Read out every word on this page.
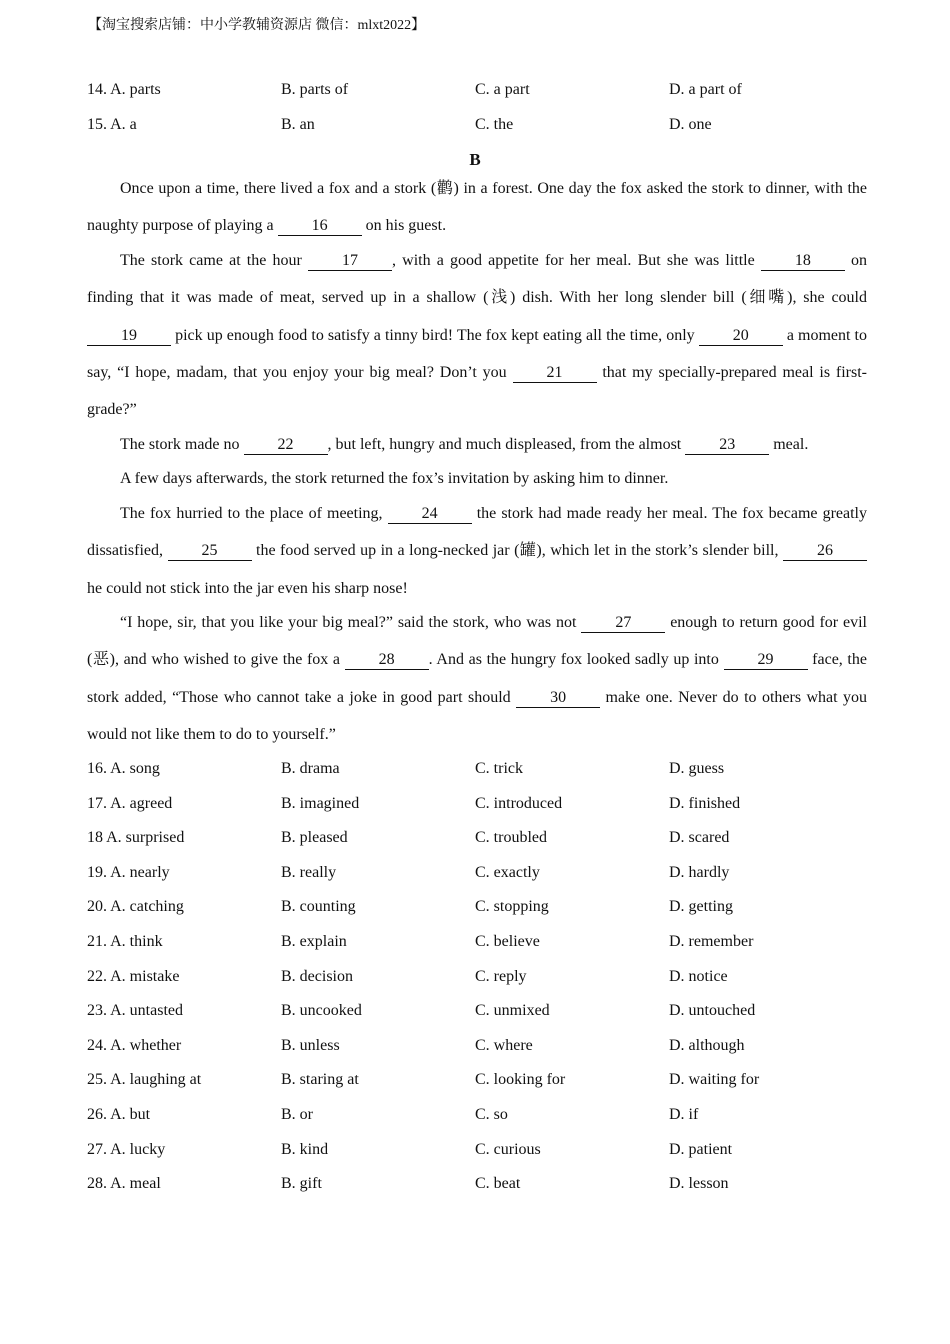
【淘宝搜索店铺：中小学教辅资源店 微信：mlxt2022】
14. A. parts	B. parts of	C. a part	D. a part of
15. A. a	B. an	C. the	D. one
B
Once upon a time, there lived a fox and a stork (鹳) in a forest. One day the fox asked the stork to dinner, with the naughty purpose of playing a 16 on his guest.
The stork came at the hour 17 , with a good appetite for her meal. But she was little 18 on finding that it was made of meat, served up in a shallow (浅) dish. With her long slender bill (细嘴), she could 19 pick up enough food to satisfy a tinny bird! The fox kept eating all the time, only 20 a moment to say, “I hope, madam, that you enjoy your big meal? Don’t you 21 that my specially-prepared meal is first-grade?”
The stork made no 22 , but left, hungry and much displeased, from the almost 23 meal.
A few days afterwards, the stork returned the fox’s invitation by asking him to dinner.
The fox hurried to the place of meeting, 24 the stork had made ready her meal. The fox became greatly dissatisfied, 25 the food served up in a long-necked jar (罐), which let in the stork’s slender bill, 26 he could not stick into the jar even his sharp nose!
“I hope, sir, that you like your big meal?” said the stork, who was not 27 enough to return good for evil (恶), and who wished to give the fox a 28 . And as the hungry fox looked sadly up into 29 face, the stork added, “Those who cannot take a joke in good part should 30 make one. Never do to others what you would not like them to do to yourself.”
16. A. song	B. drama	C. trick	D. guess
17. A. agreed	B. imagined	C. introduced	D. finished
18 A. surprised	B. pleased	C. troubled	D. scared
19. A. nearly	B. really	C. exactly	D. hardly
20. A. catching	B. counting	C. stopping	D. getting
21. A. think	B. explain	C. believe	D. remember
22. A. mistake	B. decision	C. reply	D. notice
23. A. untasted	B. uncooked	C. unmixed	D. untouched
24. A. whether	B. unless	C. where	D. although
25. A. laughing at	B. staring at	C. looking for	D. waiting for
26. A. but	B. or	C. so	D. if
27. A. lucky	B. kind	C. curious	D. patient
28. A. meal	B. gift	C. beat	D. lesson
